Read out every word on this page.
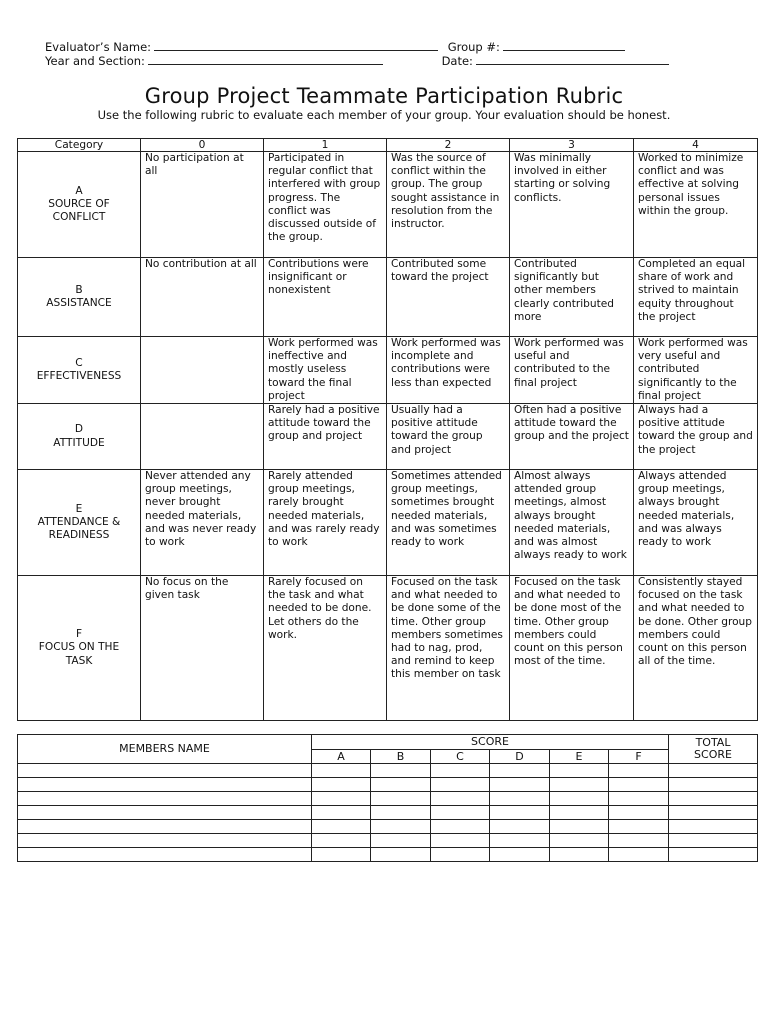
Evaluator’s Name:	Group #:
Year and Section:	Date:
Group Project Teammate Participation Rubric
Use the following rubric to evaluate each member of your group. Your evaluation should be honest.
Category	0	1	2	3	4

A
SOURCE OF CONFLICT	No participation at all	Participated in regular conflict that interfered with group progress. The conflict was discussed outside of the group.	Was the source of conflict within the group. The group sought assistance in resolution from the instructor.	Was minimally involved in either starting or solving conflicts.	Worked to minimize conflict and was effective at solving personal issues within the group.

B
ASSISTANCE	No contribution at all	Contributions were insignificant or nonexistent	Contributed some toward the project	Contributed significantly but other members clearly contributed more	Completed an equal share of work and strived to maintain equity throughout the project

C
EFFECTIVENESS		Work performed was ineffective and mostly useless toward the final project	Work performed was incomplete and contributions were less than expected	Work performed was useful and contributed to the final project	Work performed was very useful and contributed significantly to the final project

D
ATTITUDE		Rarely had a positive attitude toward the group and project	Usually had a positive attitude toward the group and project	Often had a positive attitude toward the group and the project	Always had a positive attitude toward the group and the project

E
ATTENDANCE & READINESS	Never attended any group meetings, never brought needed materials, and was never ready to work	Rarely attended group meetings, rarely brought needed materials, and was rarely ready to work	Sometimes attended group meetings, sometimes brought needed materials, and was sometimes ready to work	Almost always attended group meetings, almost always brought needed materials, and was almost always ready to work	Always attended group meetings, always brought needed materials, and was always ready to work

F
FOCUS ON THE TASK	No focus on the given task	Rarely focused on the task and what needed to be done. Let others do the work.	Focused on the task and what needed to be done some of the time. Other group members sometimes had to nag, prod, and remind to keep this member on task	Focused on the task and what needed to be done most of the time. Other group members could count on this person most of the time.	Consistently stayed focused on the task and what needed to be done. Other group members could count on this person all of the time.
MEMBERS NAME	SCORE						TOTAL SCORE
	A	B	C	D	E	F	
